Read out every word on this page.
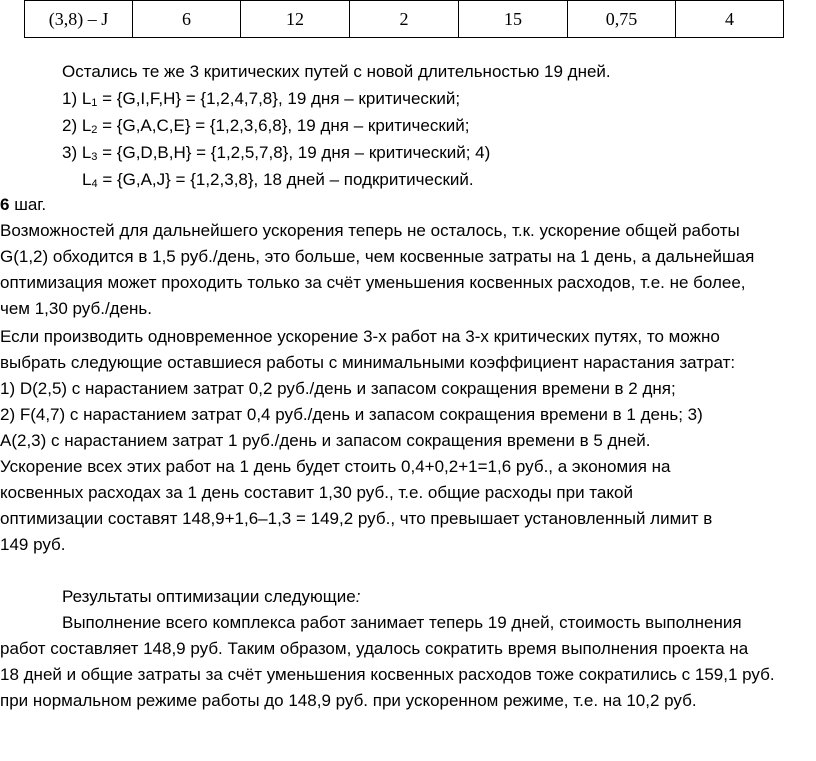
(3,8) – J	6	12	2	15	0,75	4
Остались те же 3 критических путей с новой длительностью 19 дней.
1) L1 = {G,I,F,H} = {1,2,4,7,8}, 19 дня – критический;
2) L2 = {G,A,C,E} = {1,2,3,6,8}, 19 дня – критический;
3) L3 = {G,D,B,H} = {1,2,5,7,8}, 19 дня – критический; 4)
L4 = {G,A,J} = {1,2,3,8}, 18 дней – подкритический.
6 шаг.
Возможностей для дальнейшего ускорения теперь не осталось, т.к. ускорение общей работы
G(1,2) обходится в 1,5 руб./день, это больше, чем косвенные затраты на 1 день, а дальнейшая
оптимизация может проходить только за счёт уменьшения косвенных расходов, т.е. не более,
чем 1,30 руб./день.
Если производить одновременное ускорение 3-х работ на 3-х критических путях, то можно
выбрать следующие оставшиеся работы с минимальными коэффициент нарастания затрат:
1) D(2,5) с нарастанием затрат 0,2 руб./день и запасом сокращения времени в 2 дня;
2) F(4,7) с нарастанием затрат 0,4 руб./день и запасом сокращения времени в 1 день; 3)
A(2,3) с нарастанием затрат 1 руб./день и запасом сокращения времени в 5 дней.
Ускорение всех этих работ на 1 день будет стоить 0,4+0,2+1=1,6 руб., а экономия на
косвенных расходах за 1 день составит 1,30 руб., т.е. общие расходы при такой
оптимизации составят 148,9+1,6–1,3 = 149,2 руб., что превышает установленный лимит в
149 руб.
Результаты оптимизации следующие:
Выполнение всего комплекса работ занимает теперь 19 дней, стоимость выполнения
работ составляет 148,9 руб. Таким образом, удалось сократить время выполнения проекта на
18 дней и общие затраты за счёт уменьшения косвенных расходов тоже сократились с 159,1 руб.
при нормальном режиме работы до 148,9 руб. при ускоренном режиме, т.е. на 10,2 руб.
